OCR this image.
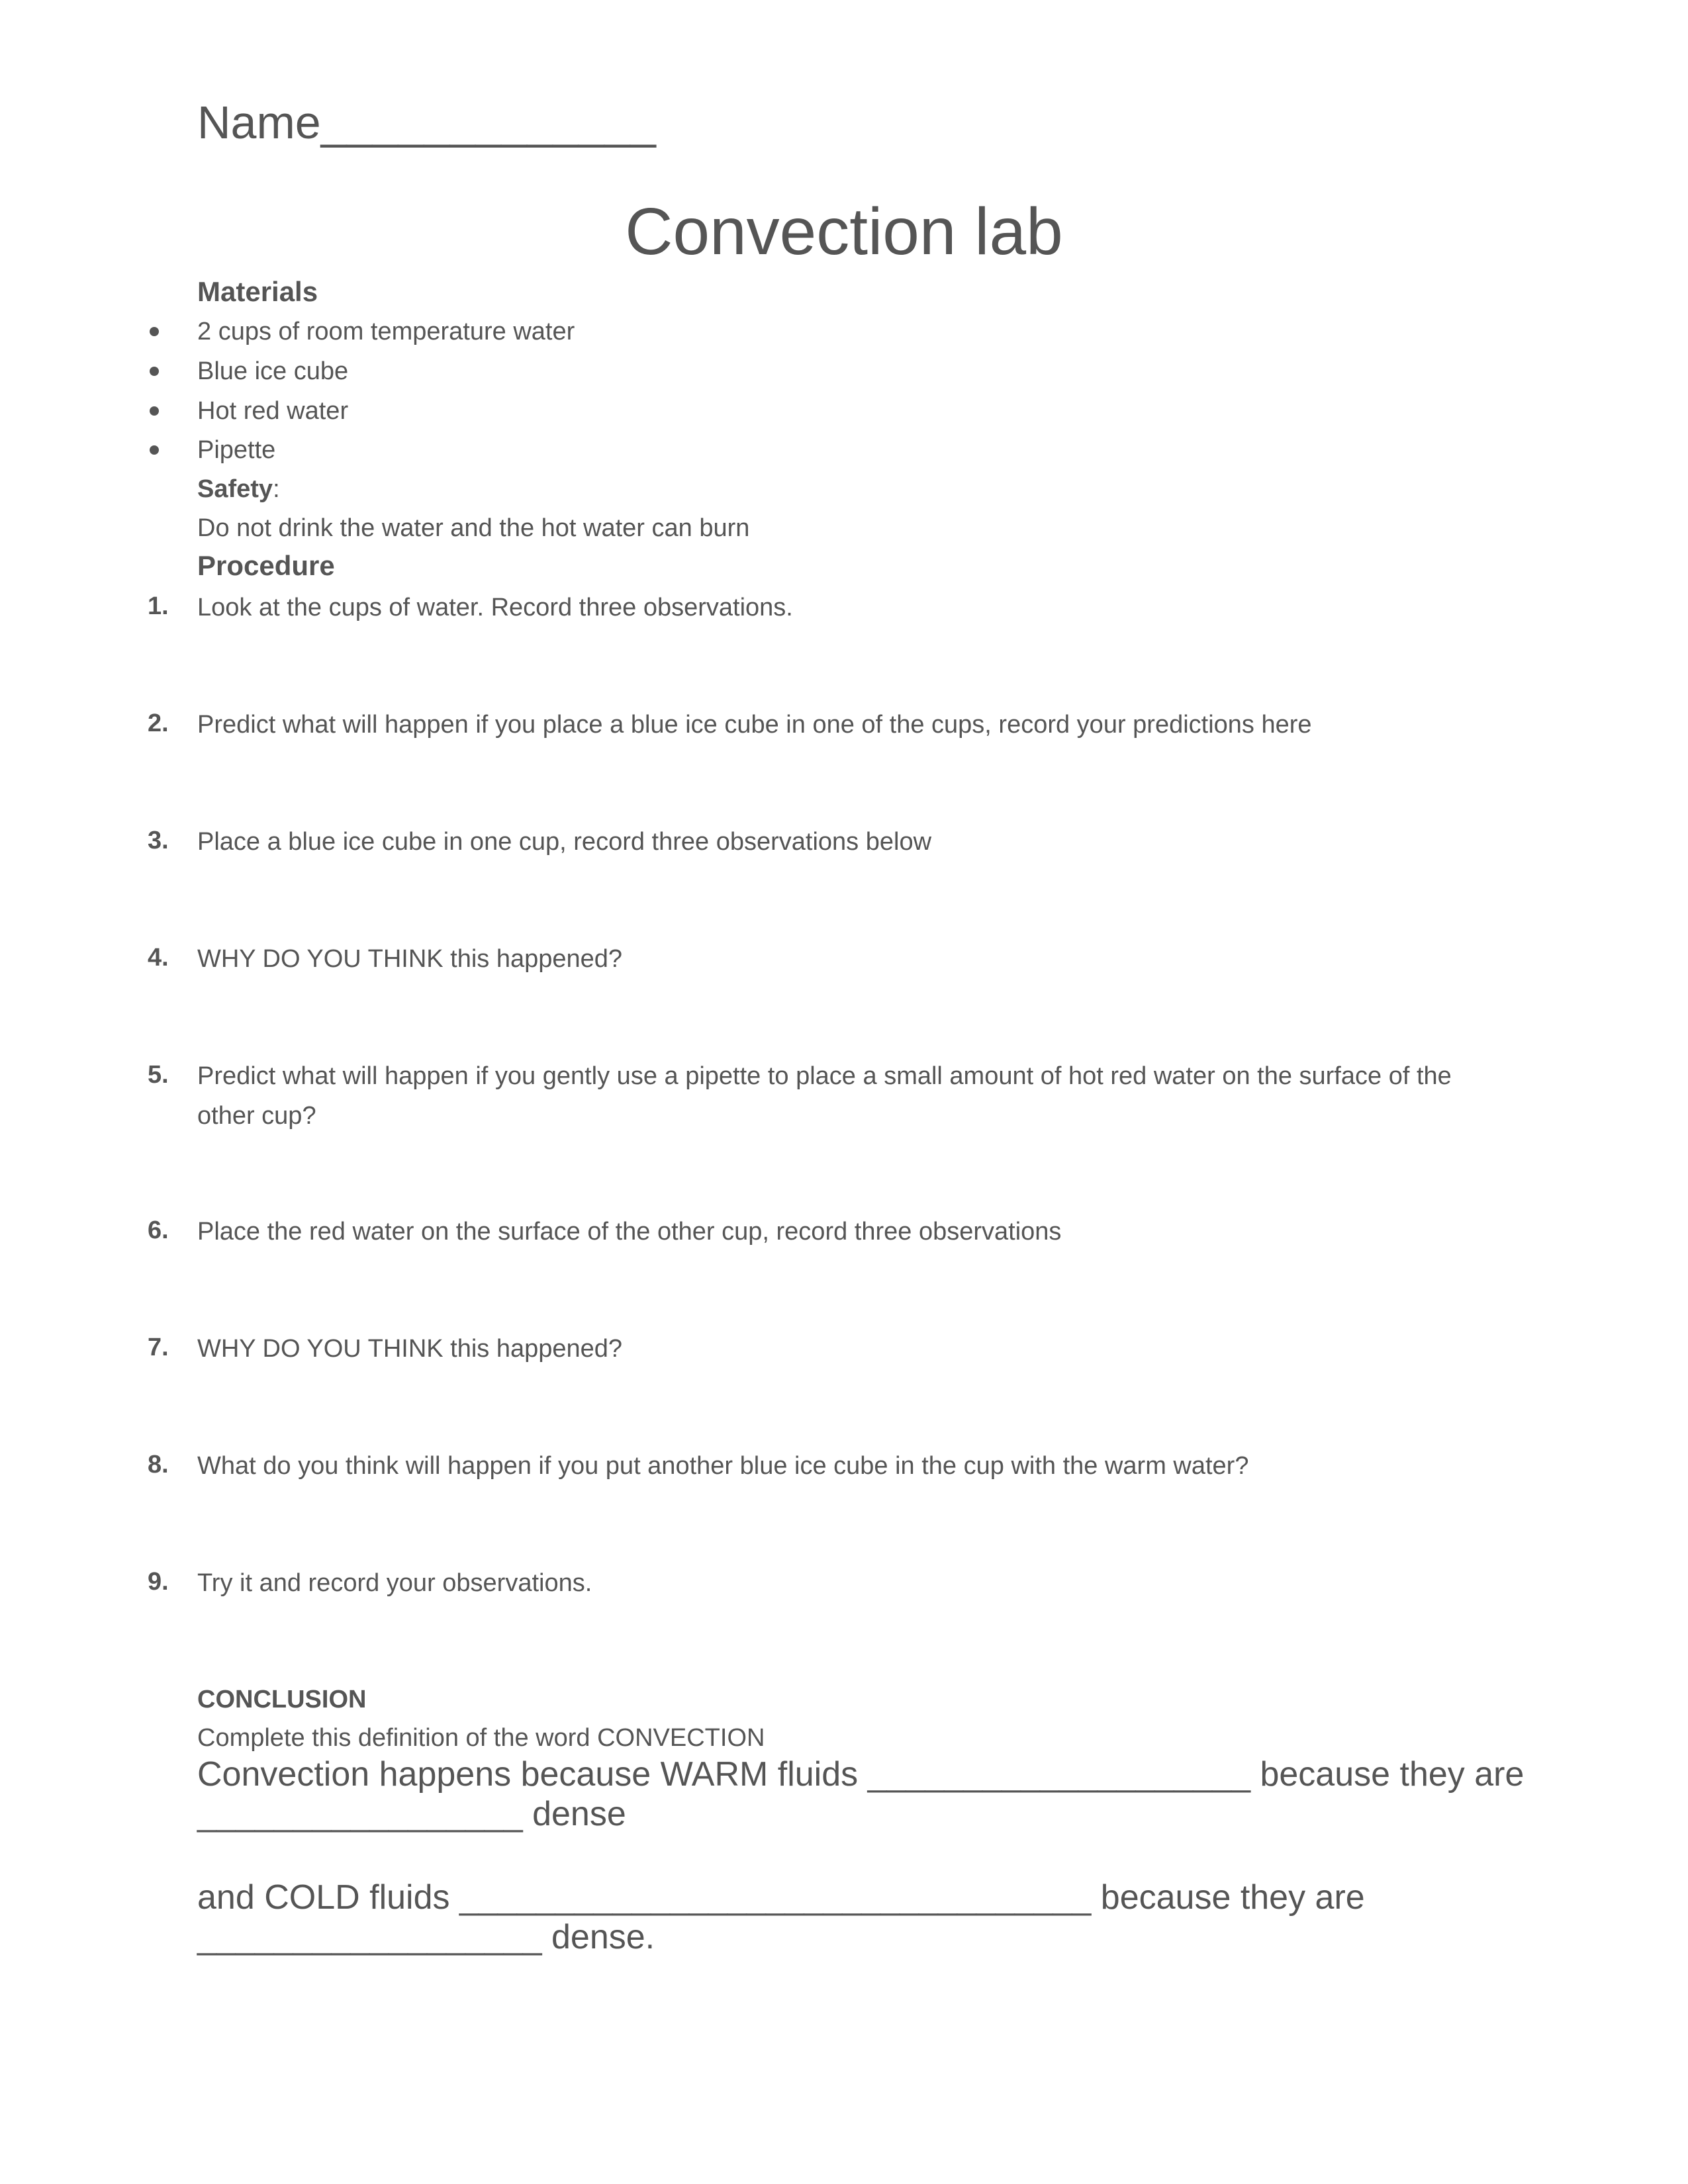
Name_____________
Convection lab
Materials
2 cups of room temperature water
Blue ice cube
Hot red water
Pipette
Safety:
Do not drink the water and the hot water can burn
Procedure
1. Look at the cups of water. Record three observations.
2. Predict what will happen if you place a blue ice cube in one of the cups, record your predictions here
3. Place a blue ice cube in one cup, record three observations below
4. WHY DO YOU THINK this happened?
5. Predict what will happen if you gently use a pipette to place a small amount of hot red water on the surface of the other cup?
6. Place the red water on the surface of the other cup, record three observations
7. WHY DO YOU THINK this happened?
8. What do you think will happen if you put another blue ice cube in the cup with the warm water?
9. Try it and record your observations.
CONCLUSION
Complete this definition of the word CONVECTION
Convection happens because WARM fluids ____________________ because they are
_________________ dense
and COLD fluids _________________________________ because they are
__________________ dense.
